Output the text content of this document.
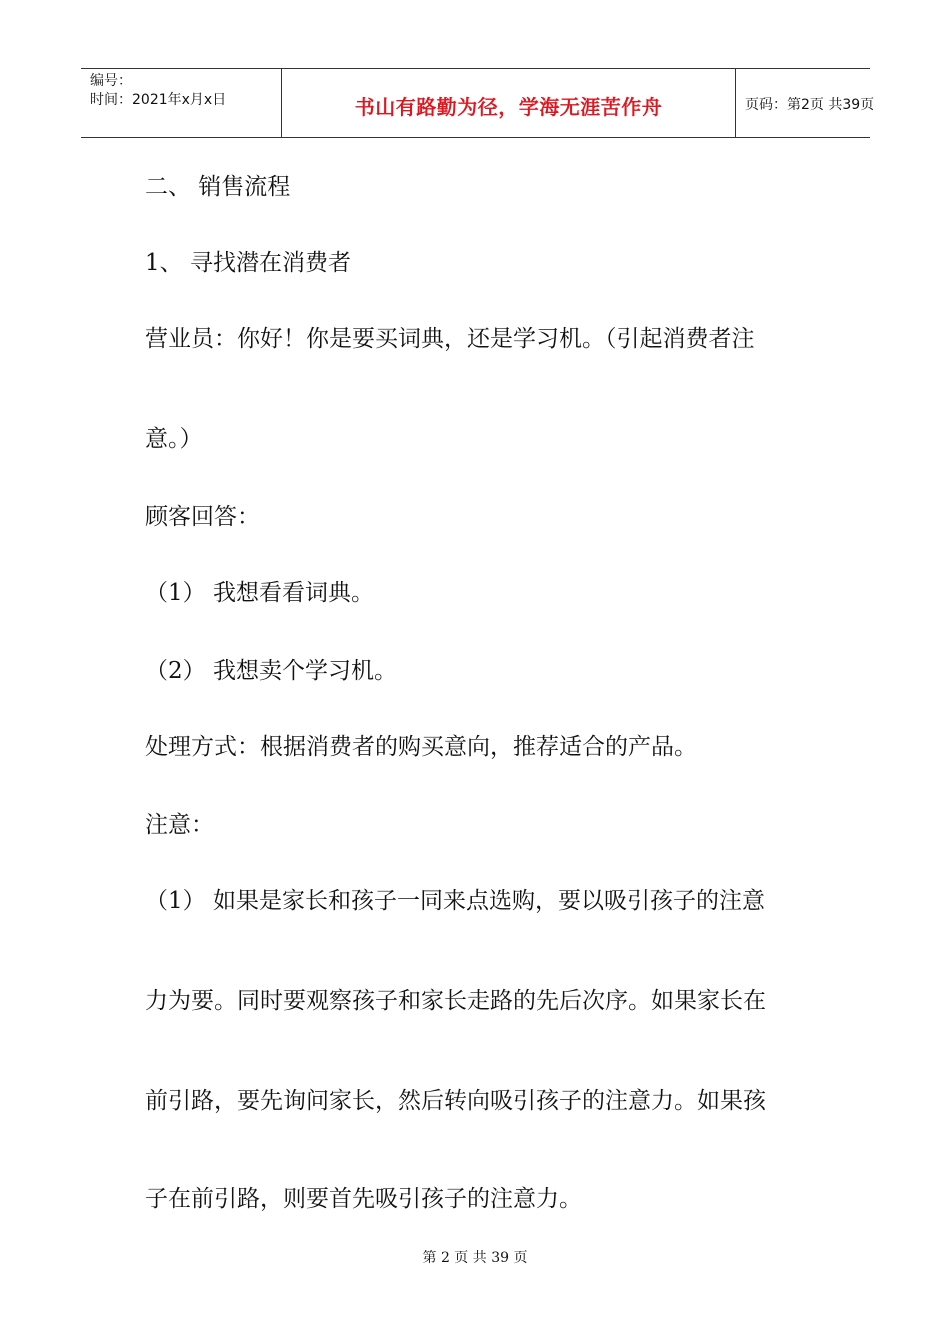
编号：
时间：2021年x月x日	书山有路勤为径，学海无涯苦作舟	页码：第2页 共39页
二、 销售流程
1、 寻找潜在消费者
营业员：你好！你是要买词典，还是学习机。（引起消费者注
意。）
顾客回答：
（1） 我想看看词典。
（2） 我想卖个学习机。
处理方式：根据消费者的购买意向，推荐适合的产品。
注意：
（1） 如果是家长和孩子一同来点选购，要以吸引孩子的注意
力为要。同时要观察孩子和家长走路的先后次序。如果家长在
前引路，要先询问家长，然后转向吸引孩子的注意力。如果孩
子在前引路，则要首先吸引孩子的注意力。
第 2 页 共 39 页
